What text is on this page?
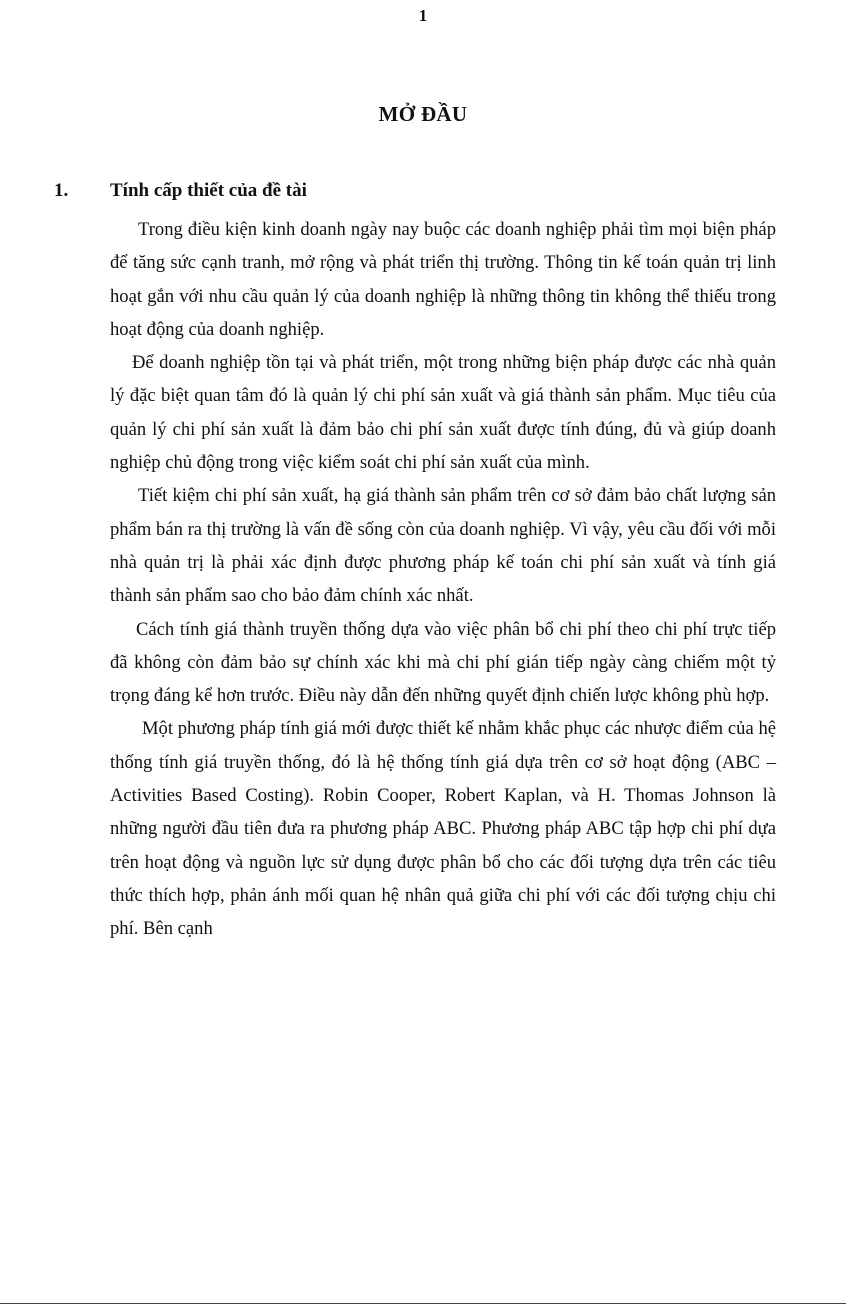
1
MỞ ĐẦU
1. Tính cấp thiết của đề tài

Trong điều kiện kinh doanh ngày nay buộc các doanh nghiệp phải tìm mọi biện pháp để tăng sức cạnh tranh, mở rộng và phát triển thị trường. Thông tin kế toán quản trị linh hoạt gắn với nhu cầu quản lý của doanh nghiệp là những thông tin không thể thiếu trong hoạt động của doanh nghiệp.

Để doanh nghiệp tồn tại và phát triển, một trong những biện pháp được các nhà quản lý đặc biệt quan tâm đó là quản lý chi phí sản xuất và giá thành sản phẩm. Mục tiêu của quản lý chi phí sản xuất là đảm bảo chi phí sản xuất được tính đúng, đủ và giúp doanh nghiệp chủ động trong việc kiểm soát chi phí sản xuất của mình.

Tiết kiệm chi phí sản xuất, hạ giá thành sản phẩm trên cơ sở đảm bảo chất lượng sản phẩm bán ra thị trường là vấn đề sống còn của doanh nghiệp. Vì vậy, yêu cầu đối với mỗi nhà quản trị là phải xác định được phương pháp kế toán chi phí sản xuất và tính giá thành sản phẩm sao cho bảo đảm chính xác nhất.

Cách tính giá thành truyền thống dựa vào việc phân bổ chi phí theo chi phí trực tiếp đã không còn đảm bảo sự chính xác khi mà chi phí gián tiếp ngày càng chiếm một tỷ trọng đáng kể hơn trước. Điều này dẫn đến những quyết định chiến lược không phù hợp.

Một phương pháp tính giá mới được thiết kế nhằm khắc phục các nhược điểm của hệ thống tính giá truyền thống, đó là hệ thống tính giá dựa trên cơ sở hoạt động (ABC – Activities Based Costing). Robin Cooper, Robert Kaplan, và H. Thomas Johnson là những người đầu tiên đưa ra phương pháp ABC. Phương pháp ABC tập hợp chi phí dựa trên hoạt động và nguồn lực sử dụng được phân bổ cho các đối tượng dựa trên các tiêu thức thích hợp, phản ánh mối quan hệ nhân quả giữa chi phí với các đối tượng chịu chi phí. Bên cạnh
